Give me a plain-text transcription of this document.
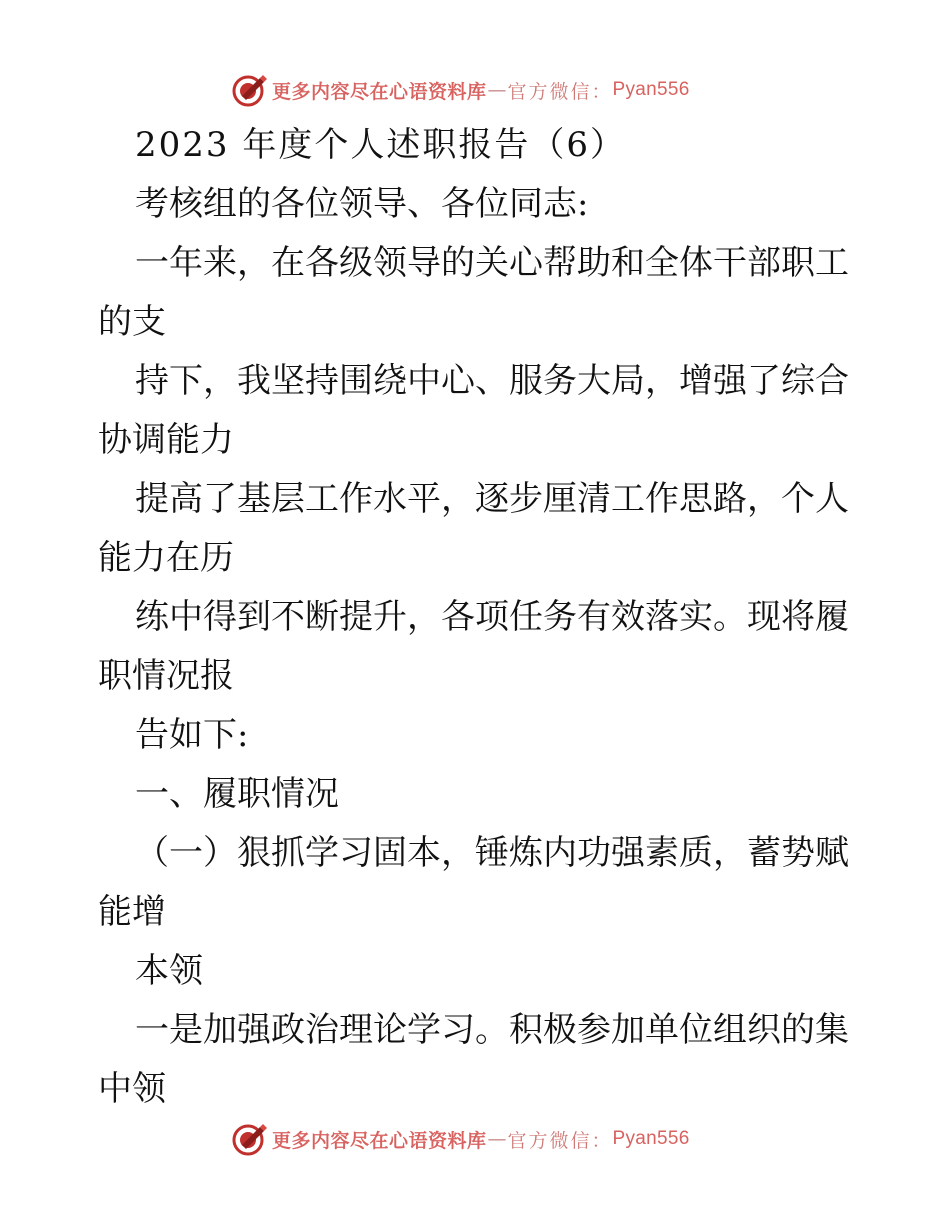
更多内容尽在心语资料库 — 官方微信： Pyan556
2023 年度个人述职报告（6）
考核组的各位领导、各位同志:
一年来，在各级领导的关心帮助和全体干部职工
的支
持下，我坚持围绕中心、服务大局，增强了综合
协调能力
提高了基层工作水平，逐步厘清工作思路，个人
能力在历
练中得到不断提升，各项任务有效落实。现将履
职情况报
告如下:
一、履职情况
（一）狠抓学习固本，锤炼内功强素质，蓄势赋
能增
本领
一是加强政治理论学习。积极参加单位组织的集
中领
更多内容尽在心语资料库 — 官方微信： Pyan556
